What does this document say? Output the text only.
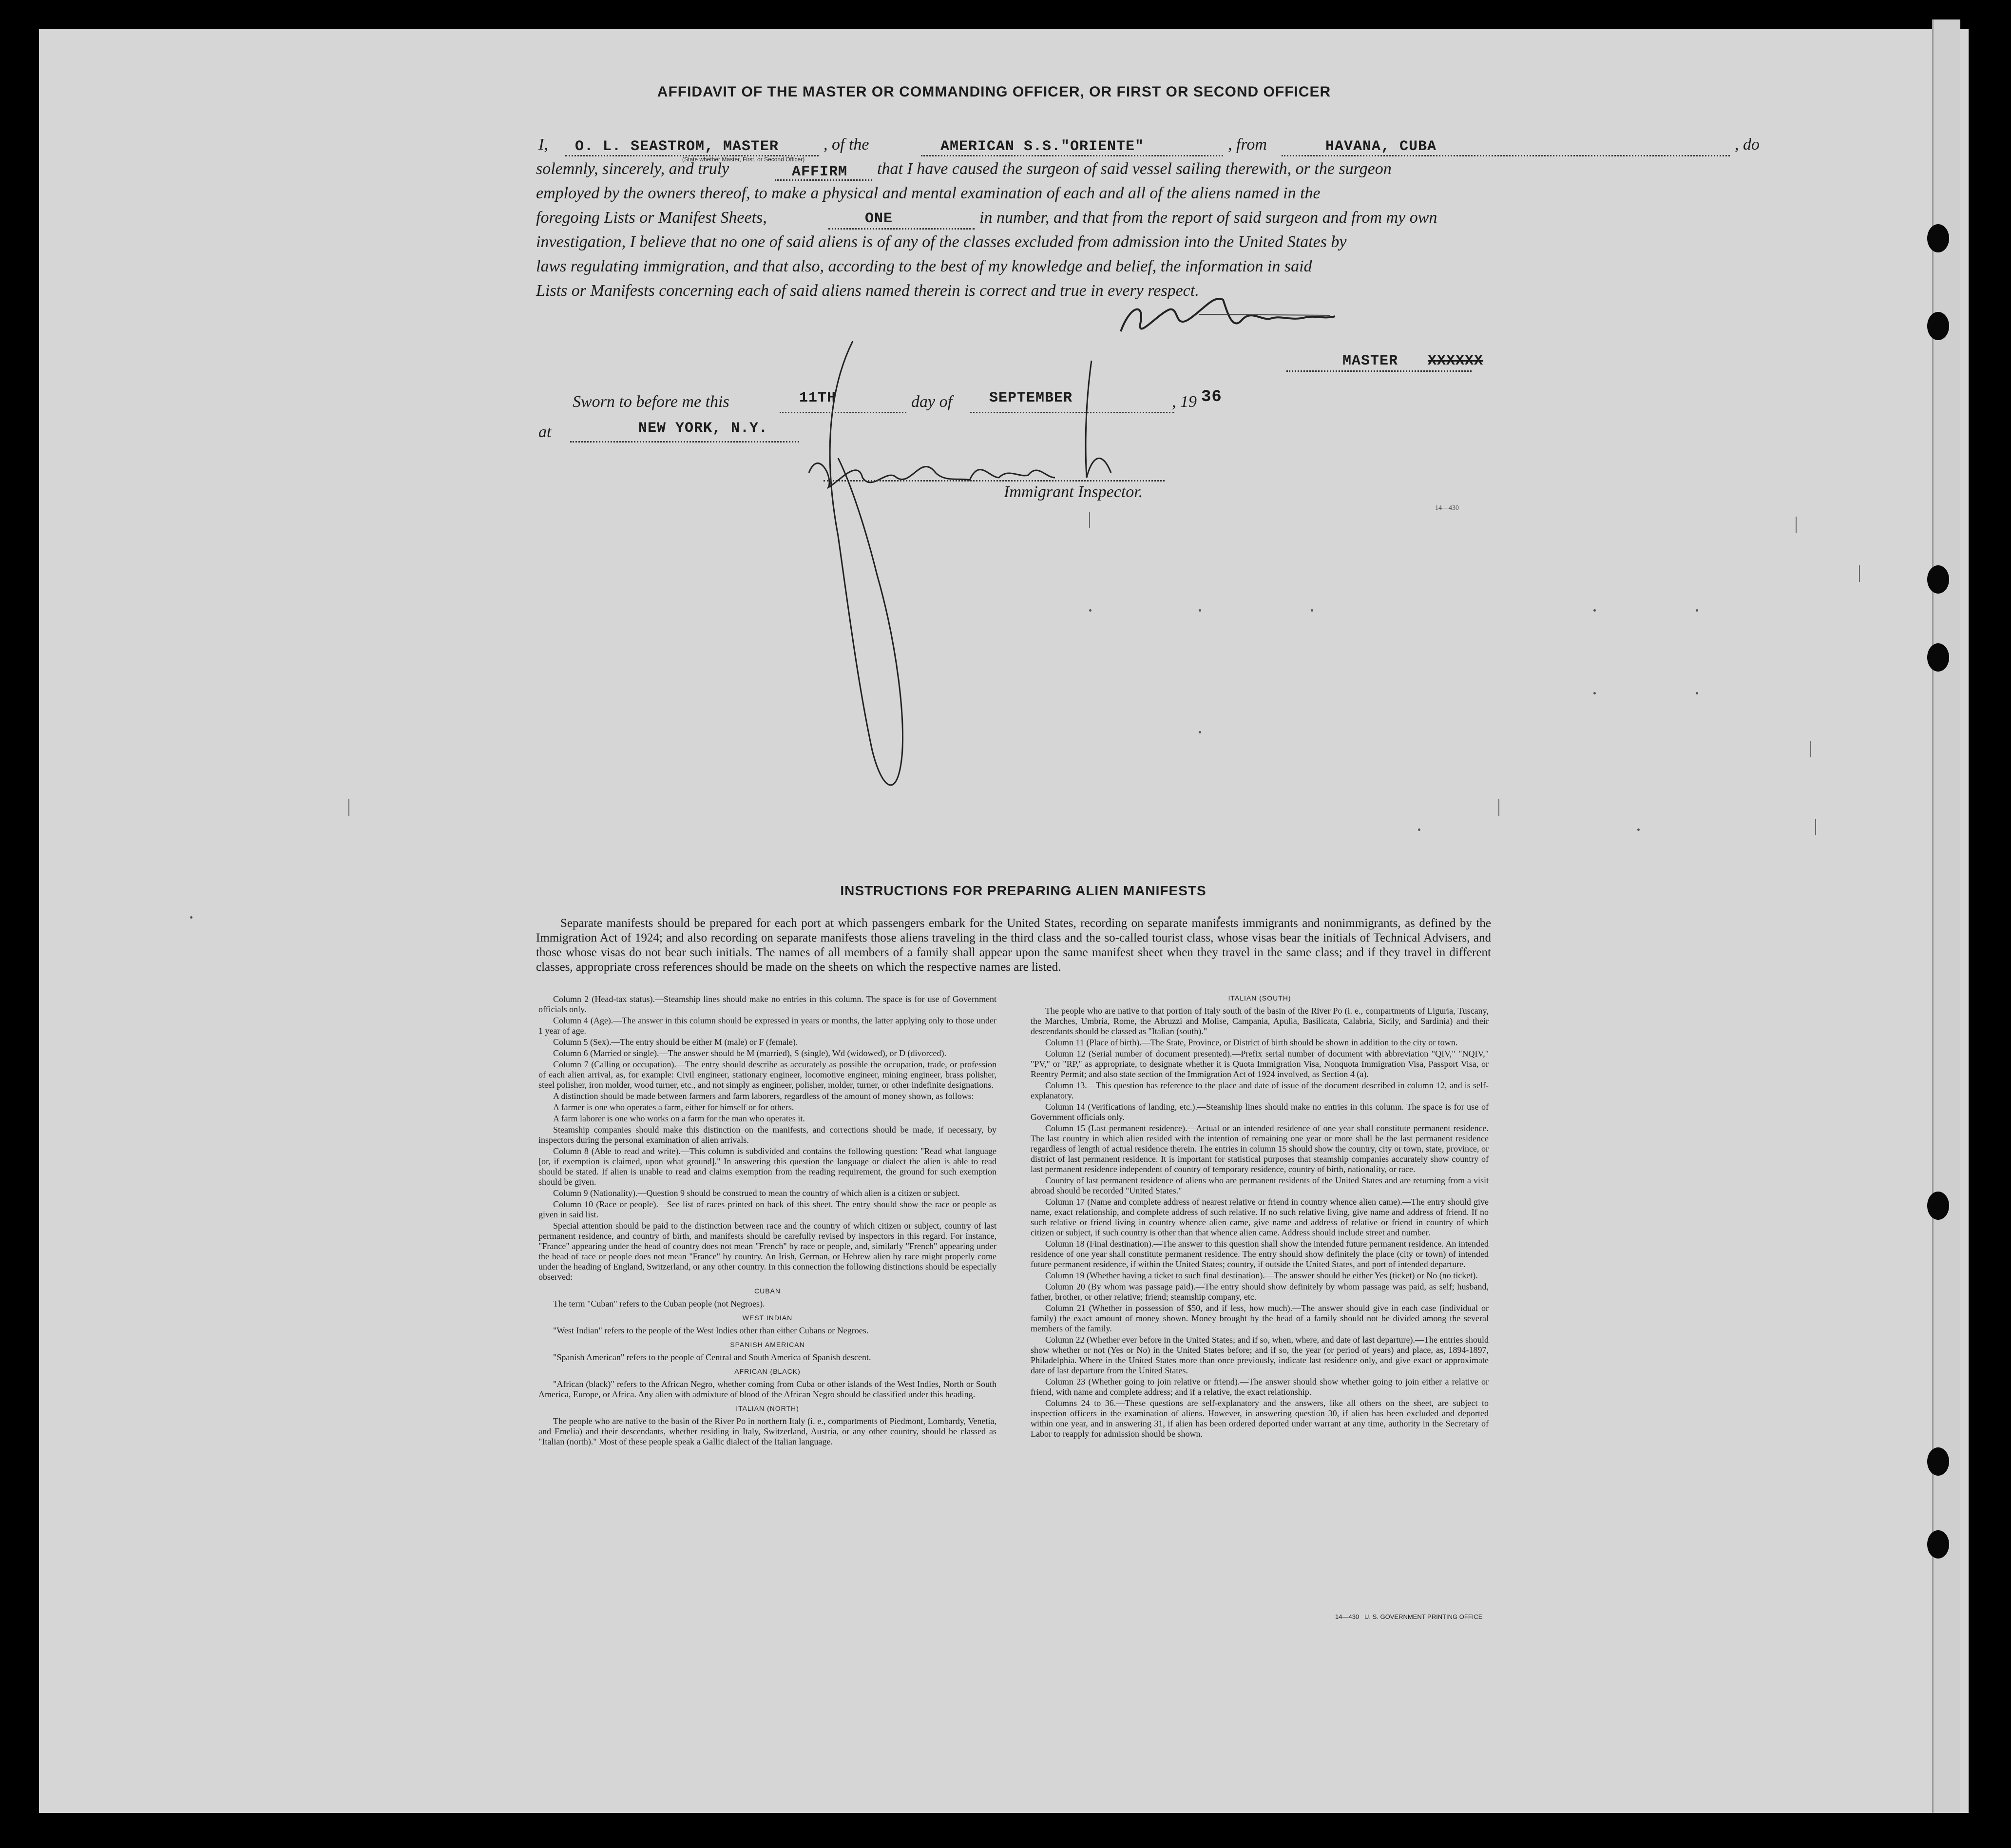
AFFIDAVIT OF THE MASTER OR COMMANDING OFFICER, OR FIRST OR SECOND OFFICER
I, O. L. SEASTROM, MASTER	, of the	AMERICAN S.S."ORIENTE"	, from	HAVANA, CUBA	, do
(State whether Master, First, or Second Officer)
solemnly, sincerely, and truly	AFFIRM that I have caused the surgeon of said vessel sailing therewith, or the surgeon
employed by the owners thereof, to make a physical and mental examination of each and all of the aliens named in the
foregoing Lists or Manifest Sheets,	ONE	in number, and that from the report of said surgeon and from my own
investigation, I believe that no one of said aliens is of any of the classes excluded from admission into the United States by
laws regulating immigration, and that also, according to the best of my knowledge and belief, the information in said
Lists or Manifests concerning each of said aliens named therein is correct and true in every respect.
MASTER XXXXXX
Sworn to before me this	11TH	day of	SEPTEMBER	, 19 36
at	NEW YORK, N.Y.
Immigrant Inspector.
14—430
INSTRUCTIONS FOR PREPARING ALIEN MANIFESTS
Separate manifests should be prepared for each port at which passengers embark for the United States, recording on separate manifests immigrants and nonimmigrants, as defined by the Immigration Act of 1924; and also recording on separate manifests those aliens traveling in the third class and the so-called tourist class, whose visas bear the initials of Technical Advisers, and those whose visas do not bear such initials. The names of all members of a family shall appear upon the same manifest sheet when they travel in the same class; and if they travel in different classes, appropriate cross references should be made on the sheets on which the respective names are listed.
Column 2 (Head-tax status).—Steamship lines should make no entries in this column. The space is for use of Government officials only.
Column 4 (Age).—The answer in this column should be expressed in years or months, the latter applying only to those under 1 year of age.
Column 5 (Sex).—The entry should be either M (male) or F (female).
Column 6 (Married or single).—The answer should be M (married), S (single), Wd (widowed), or D (divorced).
Column 7 (Calling or occupation).—The entry should describe as accurately as possible the occupation, trade, or profession of each alien arrival, as, for example: Civil engineer, stationary engineer, locomotive engineer, mining engineer, brass polisher, steel polisher, iron molder, wood turner, etc., and not simply as engineer, polisher, molder, turner, or other indefinite designations.
A distinction should be made between farmers and farm laborers, regardless of the amount of money shown, as follows:
A farmer is one who operates a farm, either for himself or for others.
A farm laborer is one who works on a farm for the man who operates it.
Steamship companies should make this distinction on the manifests, and corrections should be made, if necessary, by inspectors during the personal examination of alien arrivals.
Column 8 (Able to read and write).—This column is subdivided and contains the following question: "Read what language [or, if exemption is claimed, upon what ground]." In answering this question the language or dialect the alien is able to read should be stated. If alien is unable to read and claims exemption from the reading requirement, the ground for such exemption should be given.
Column 9 (Nationality).—Question 9 should be construed to mean the country of which alien is a citizen or subject.
Column 10 (Race or people).—See list of races printed on back of this sheet. The entry should show the race or people as given in said list.
Special attention should be paid to the distinction between race and the country of which citizen or subject, country of last permanent residence, and country of birth, and manifests should be carefully revised by inspectors in this regard. For instance, "France" appearing under the head of country does not mean "French" by race or people, and, similarly "French" appearing under the head of race or people does not mean "France" by country. An Irish, German, or Hebrew alien by race might properly come under the heading of England, Switzerland, or any other country. In this connection the following distinctions should be especially observed:
CUBAN
The term "Cuban" refers to the Cuban people (not Negroes).
WEST INDIAN
"West Indian" refers to the people of the West Indies other than either Cubans or Negroes.
SPANISH AMERICAN
"Spanish American" refers to the people of Central and South America of Spanish descent.
AFRICAN (BLACK)
"African (black)" refers to the African Negro, whether coming from Cuba or other islands of the West Indies, North or South America, Europe, or Africa. Any alien with admixture of blood of the African Negro should be classified under this heading.
ITALIAN (NORTH)
The people who are native to the basin of the River Po in northern Italy (i. e., compartments of Piedmont, Lombardy, Venetia, and Emelia) and their descendants, whether residing in Italy, Switzerland, Austria, or any other country, should be classed as "Italian (north)." Most of these people speak a Gallic dialect of the Italian language.
ITALIAN (SOUTH)
The people who are native to that portion of Italy south of the basin of the River Po (i. e., compartments of Liguria, Tuscany, the Marches, Umbria, Rome, the Abruzzi and Molise, Campania, Apulia, Basilicata, Calabria, Sicily, and Sardinia) and their descendants should be classed as "Italian (south)."
Column 11 (Place of birth).—The State, Province, or District of birth should be shown in addition to the city or town.
Column 12 (Serial number of document presented).—Prefix serial number of document with abbreviation "QIV," "NQIV," "PV," or "RP," as appropriate, to designate whether it is Quota Immigration Visa, Nonquota Immigration Visa, Passport Visa, or Reentry Permit; and also state section of the Immigration Act of 1924 involved, as Section 4 (a).
Column 13.—This question has reference to the place and date of issue of the document described in column 12, and is self-explanatory.
Column 14 (Verifications of landing, etc.).—Steamship lines should make no entries in this column. The space is for use of Government officials only.
Column 15 (Last permanent residence).—Actual or an intended residence of one year shall constitute permanent residence. The last country in which alien resided with the intention of remaining one year or more shall be the last permanent residence regardless of length of actual residence therein. The entries in column 15 should show the country, city or town, state, province, or district of last permanent residence. It is important for statistical purposes that steamship companies accurately show country of last permanent residence independent of country of temporary residence, country of birth, nationality, or race.
Country of last permanent residence of aliens who are permanent residents of the United States and are returning from a visit abroad should be recorded "United States."
Column 17 (Name and complete address of nearest relative or friend in country whence alien came).—The entry should give name, exact relationship, and complete address of such relative. If no such relative living, give name and address of friend. If no such relative or friend living in country whence alien came, give name and address of relative or friend in country of which citizen or subject, if such country is other than that whence alien came. Address should include street and number.
Column 18 (Final destination).—The answer to this question shall show the intended future permanent residence. An intended residence of one year shall constitute permanent residence. The entry should show definitely the place (city or town) of intended future permanent residence, if within the United States; country, if outside the United States, and port of intended departure.
Column 19 (Whether having a ticket to such final destination).—The answer should be either Yes (ticket) or No (no ticket).
Column 20 (By whom was passage paid).—The entry should show definitely by whom passage was paid, as self; husband, father, brother, or other relative; friend; steamship company, etc.
Column 21 (Whether in possession of $50, and if less, how much).—The answer should give in each case (individual or family) the exact amount of money shown. Money brought by the head of a family should not be divided among the several members of the family.
Column 22 (Whether ever before in the United States; and if so, when, where, and date of last departure).—The entries should show whether or not (Yes or No) in the United States before; and if so, the year (or period of years) and place, as, 1894-1897, Philadelphia. Where in the United States more than once previously, indicate last residence only, and give exact or approximate date of last departure from the United States.
Column 23 (Whether going to join relative or friend).—The answer should show whether going to join either a relative or friend, with name and complete address; and if a relative, the exact relationship.
Columns 24 to 36.—These questions are self-explanatory and the answers, like all others on the sheet, are subject to inspection officers in the examination of aliens. However, in answering question 30, if alien has been excluded and deported within one year, and in answering 31, if alien has been ordered deported under warrant at any time, authority in the Secretary of Labor to reapply for admission should be shown.
14—430 U. S. GOVERNMENT PRINTING OFFICE
